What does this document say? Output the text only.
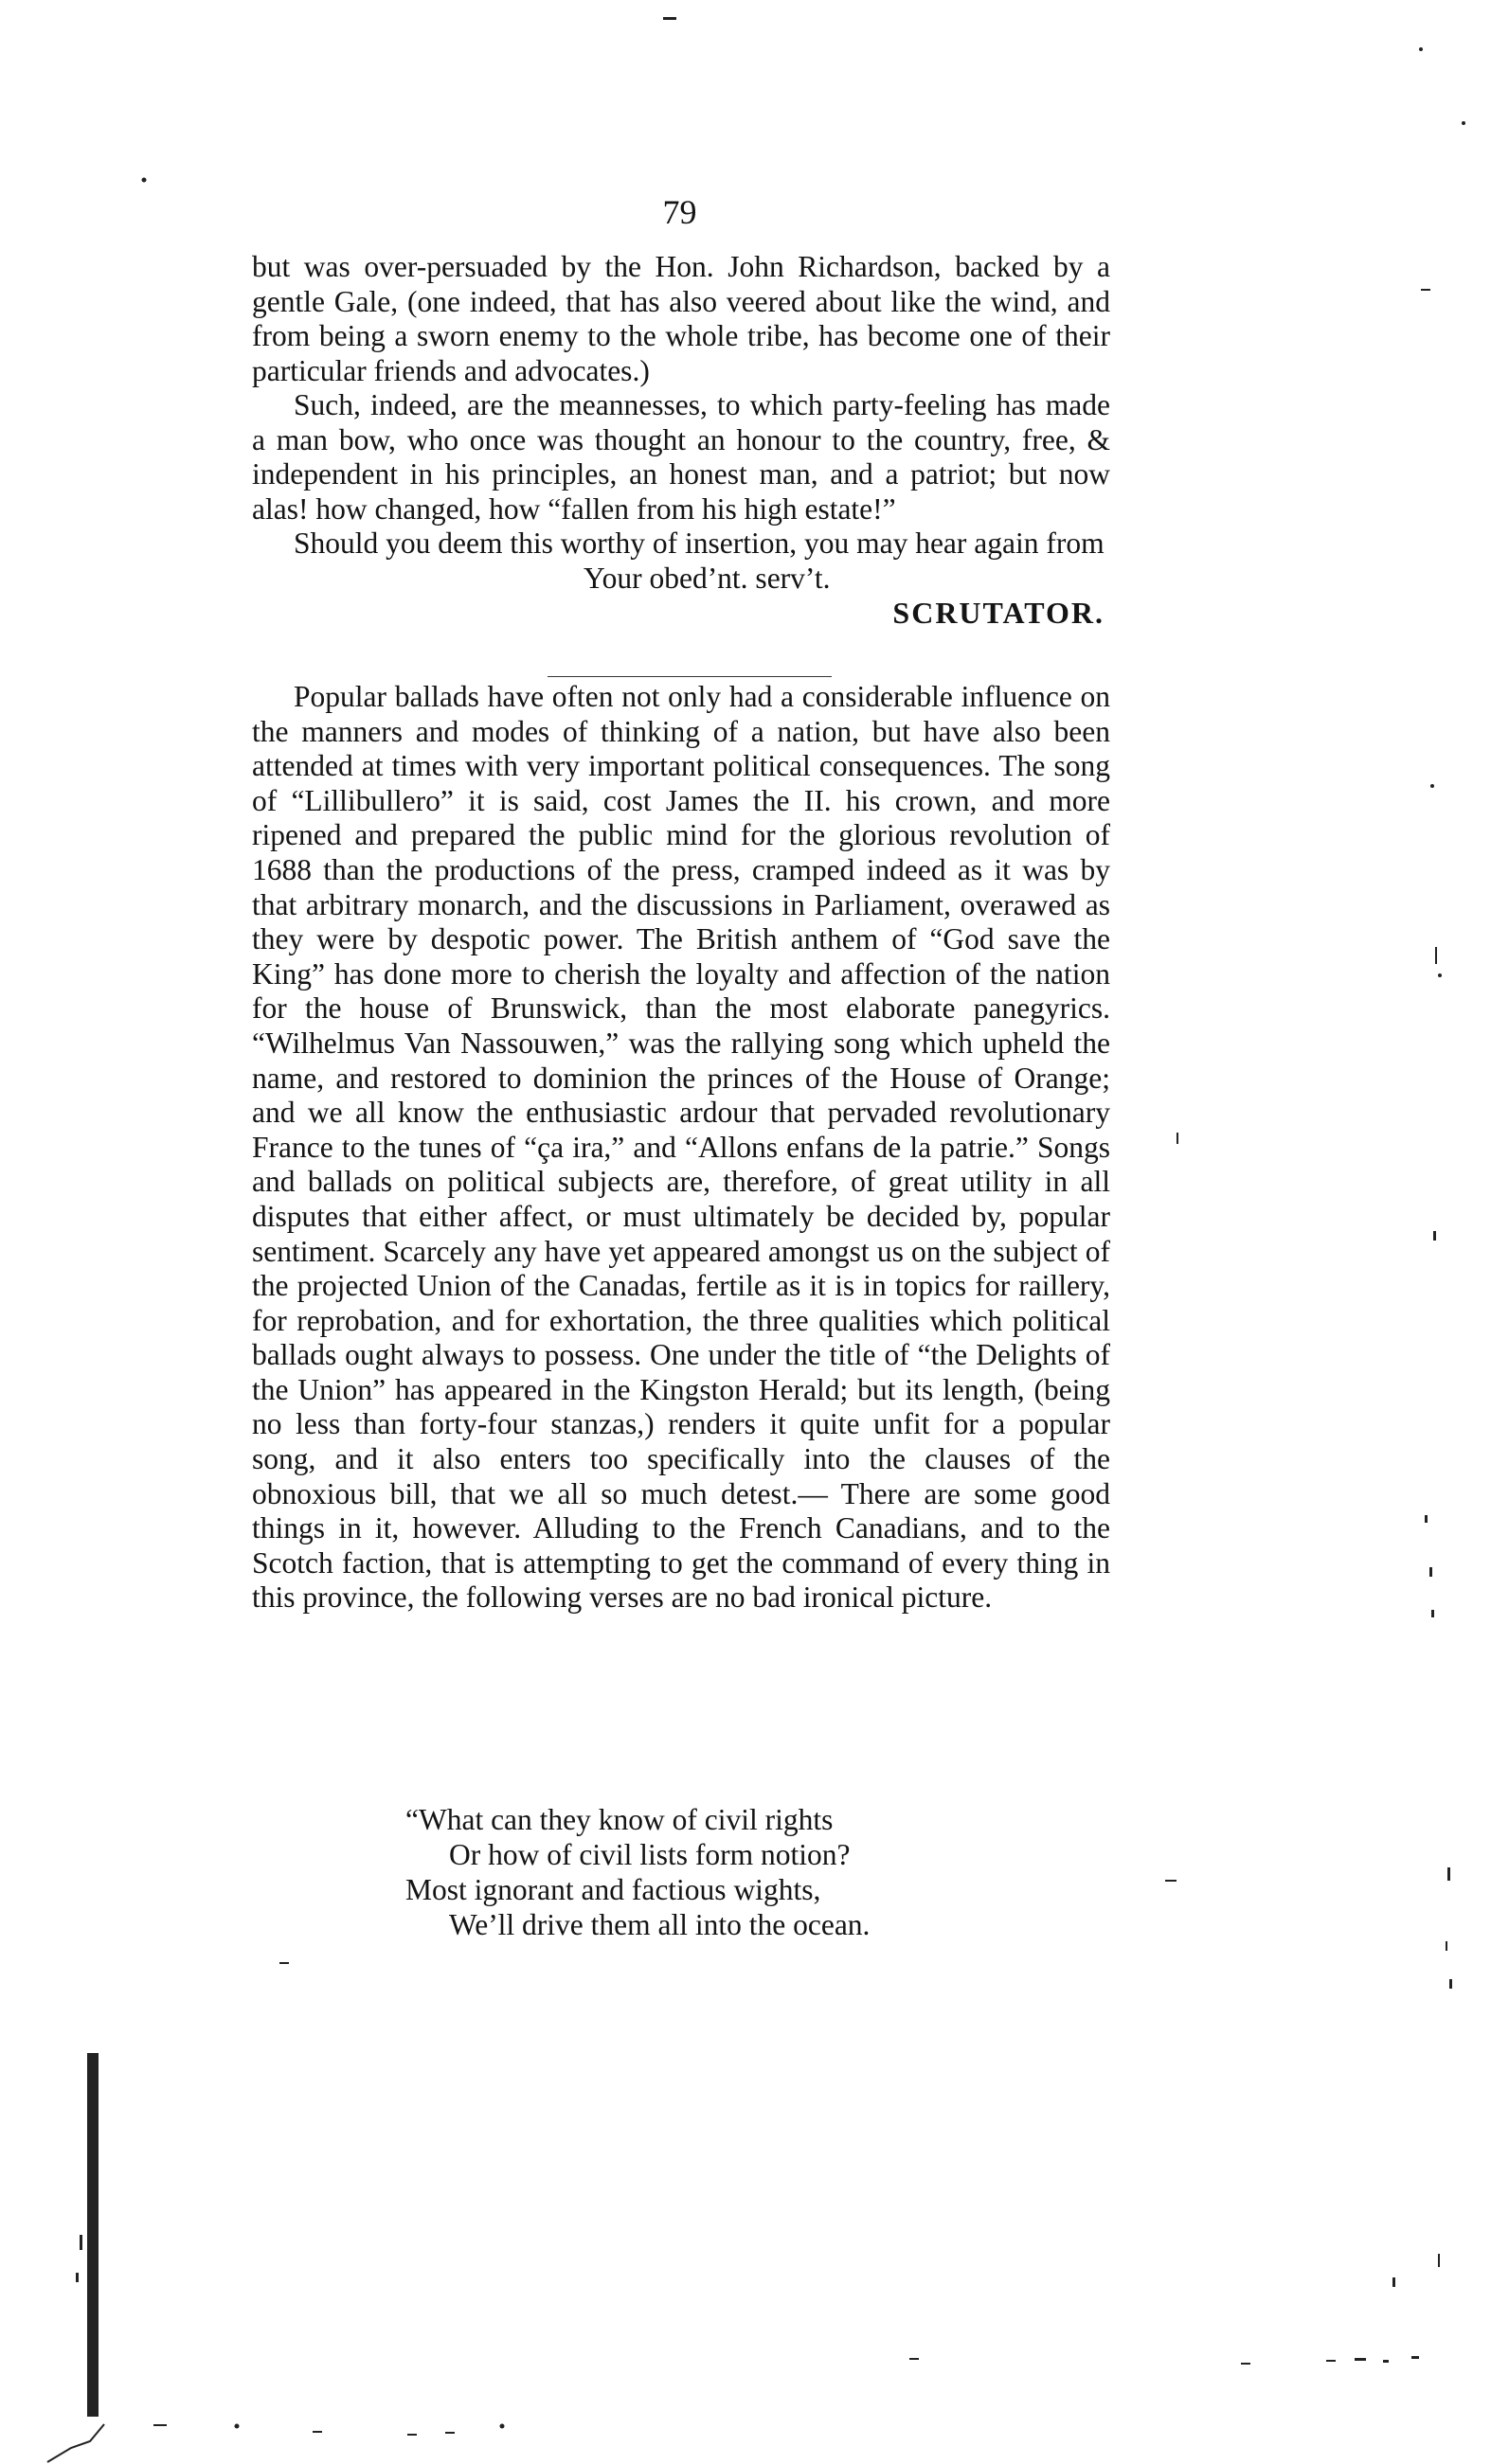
79

but was over-persuaded by the Hon. John Richardson, backed by a gentle Gale, (one indeed, that has also veered about like the wind, and from being a sworn enemy to the whole tribe, has become one of their particular friends and advocates.)

Such, indeed, are the meannesses, to which party-feeling has made a man bow, who once was thought an honour to the country, free, & independent in his principles, an honest man, and a patriot; but now alas! how changed, how “fallen from his high estate!”

Should you deem this worthy of insertion, you may hear again from

Your obed’nt. serv’t.
SCRUTATOR.

Popular ballads have often not only had a considerable influence on the manners and modes of thinking of a nation, but have also been attended at times with very important political consequences. The song of “Lillibullero” it is said, cost James the II. his crown, and more ripened and prepared the public mind for the glorious revolution of 1688 than the productions of the press, cramped indeed as it was by that arbitrary monarch, and the discussions in Parliament, overawed as they were by despotic power. The British anthem of “God save the King” has done more to cherish the loyalty and affection of the nation for the house of Brunswick, than the most elaborate panegyrics. “Wilhelmus Van Nassouwen,” was the rallying song which upheld the name, and restored to dominion the princes of the House of Orange; and we all know the enthusiastic ardour that pervaded revolutionary France to the tunes of “ça ira,” and “Allons enfans de la patrie.” Songs and ballads on political subjects are, therefore, of great utility in all disputes that either affect, or must ultimately be decided by, popular sentiment. Scarcely any have yet appeared amongst us on the subject of the projected Union of the Canadas, fertile as it is in topics for raillery, for reprobation, and for exhortation, the three qualities which political ballads ought always to possess. One under the title of “the Delights of the Union” has appeared in the Kingston Herald; but its length, (being no less than forty-four stanzas,) renders it quite unfit for a popular song, and it also enters too specifically into the clauses of the obnoxious bill, that we all so much detest.— There are some good things in it, however. Alluding to the French Canadians, and to the Scotch faction, that is attempting to get the command of every thing in this province, the following verses are no bad ironical picture.

“What can they know of civil rights
Or how of civil lists form notion?
Most ignorant and factious wights,
We’ll drive them all into the ocean.
